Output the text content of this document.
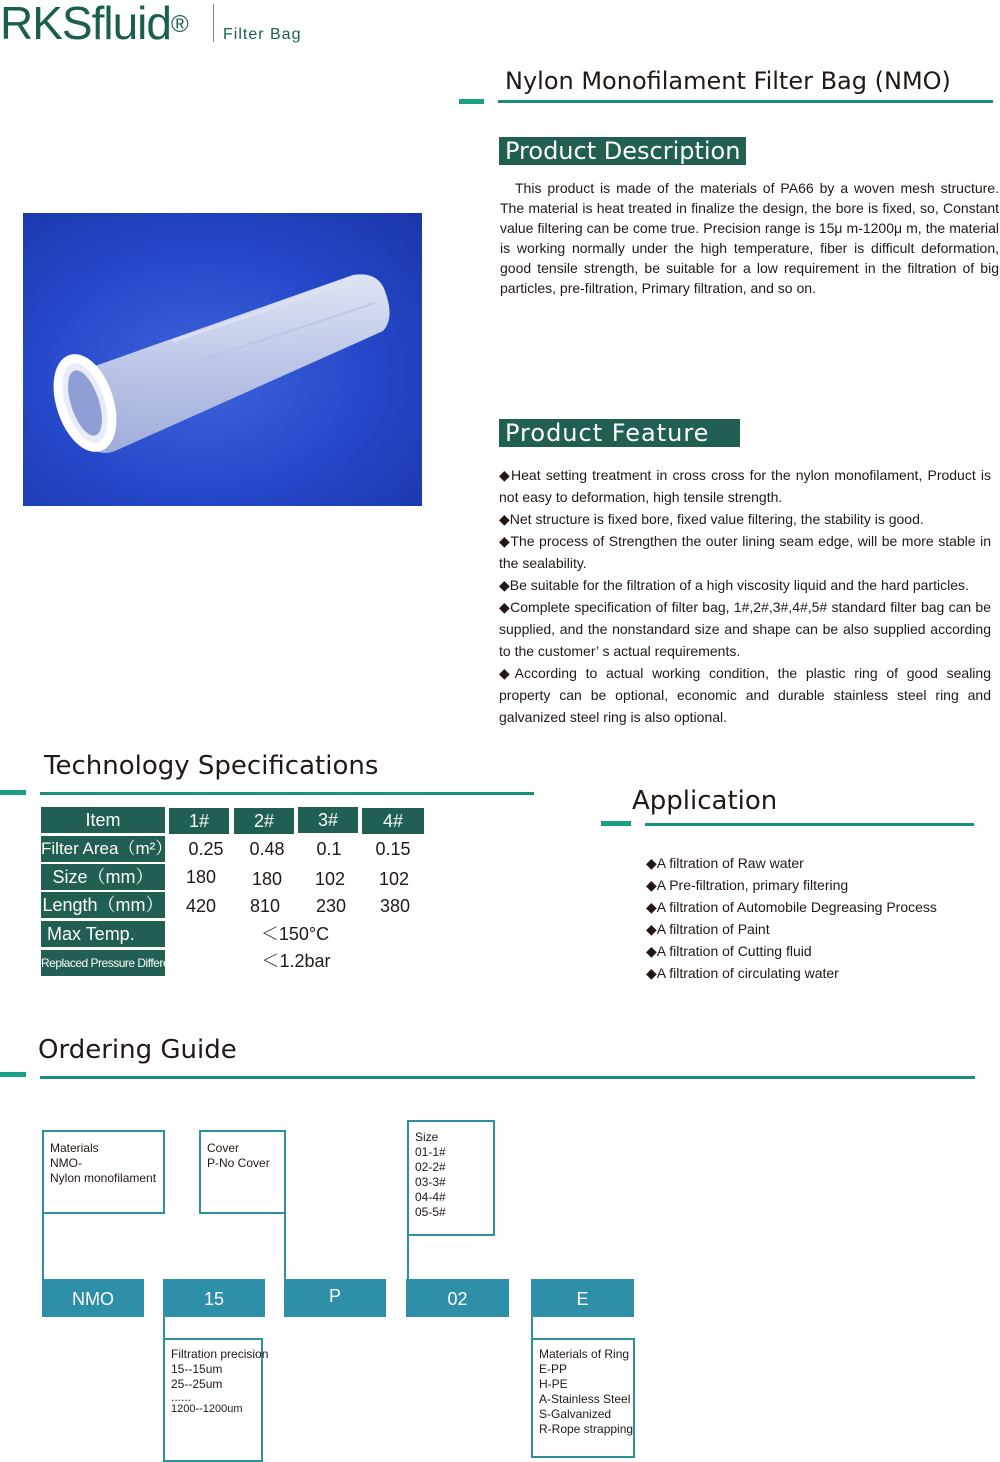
RKSfluid® Filter Bag
Nylon Monofilament Filter Bag (NMO)
Product Description

This product is made of the materials of PA66 by a woven mesh structure. The material is heat treated in finalize the design, the bore is fixed, so, Constant value filtering can be come true. Precision range is 15μ m-1200μ m, the material is working normally under the high temperature, fiber is difficult deformation, good tensile strength, be suitable for a low requirement in the filtration of big particles, pre-filtration, Primary filtration, and so on.

Product Feature

◆Heat setting treatment in cross cross for the nylon monofilament, Product is not easy to deformation, high tensile strength.

◆Net structure is fixed bore, fixed value filtering, the stability is good.

◆The process of Strengthen the outer lining seam edge, will be more stable in the sealability.

◆Be suitable for the filtration of a high viscosity liquid and the hard particles.

◆Complete specification of filter bag, 1#,2#,3#,4#,5# standard filter bag can be supplied, and the nonstandard size and shape can be also supplied according to the customer’ s actual requirements.

◆According to actual working condition, the plastic ring of good sealing property can be optional, economic and durable stainless steel ring and galvanized steel ring is also optional.

Technology Specifications
Item	1#	2#	3#	4#
Filter Area（m²） 0.25	0.48	0.1	0.15
Size（mm）	180	180	102	102
Length（mm）	420	810	230	380
Max Temp.	＜150°C
Replaced Pressure Difference	＜1.2bar
Application
◆A filtration of Raw water
◆A Pre-filtration, primary filtering
◆A filtration of Automobile Degreasing Process
◆A filtration of Paint
◆A filtration of Cutting fluid
◆A filtration of circulating water
Ordering Guide
Materials
NMO-
Nylon monofilament
Cover
P-No Cover
Size
01-1#
02-2#
03-3#
04-4#
05-5#
NMO	15	P	02	E
Filtration precision
15--15um
25--25um
......
1200--1200um
Materials of Ring
E-PP
H-PE
A-Stainless Steel
S-Galvanized
R-Rope strapping
